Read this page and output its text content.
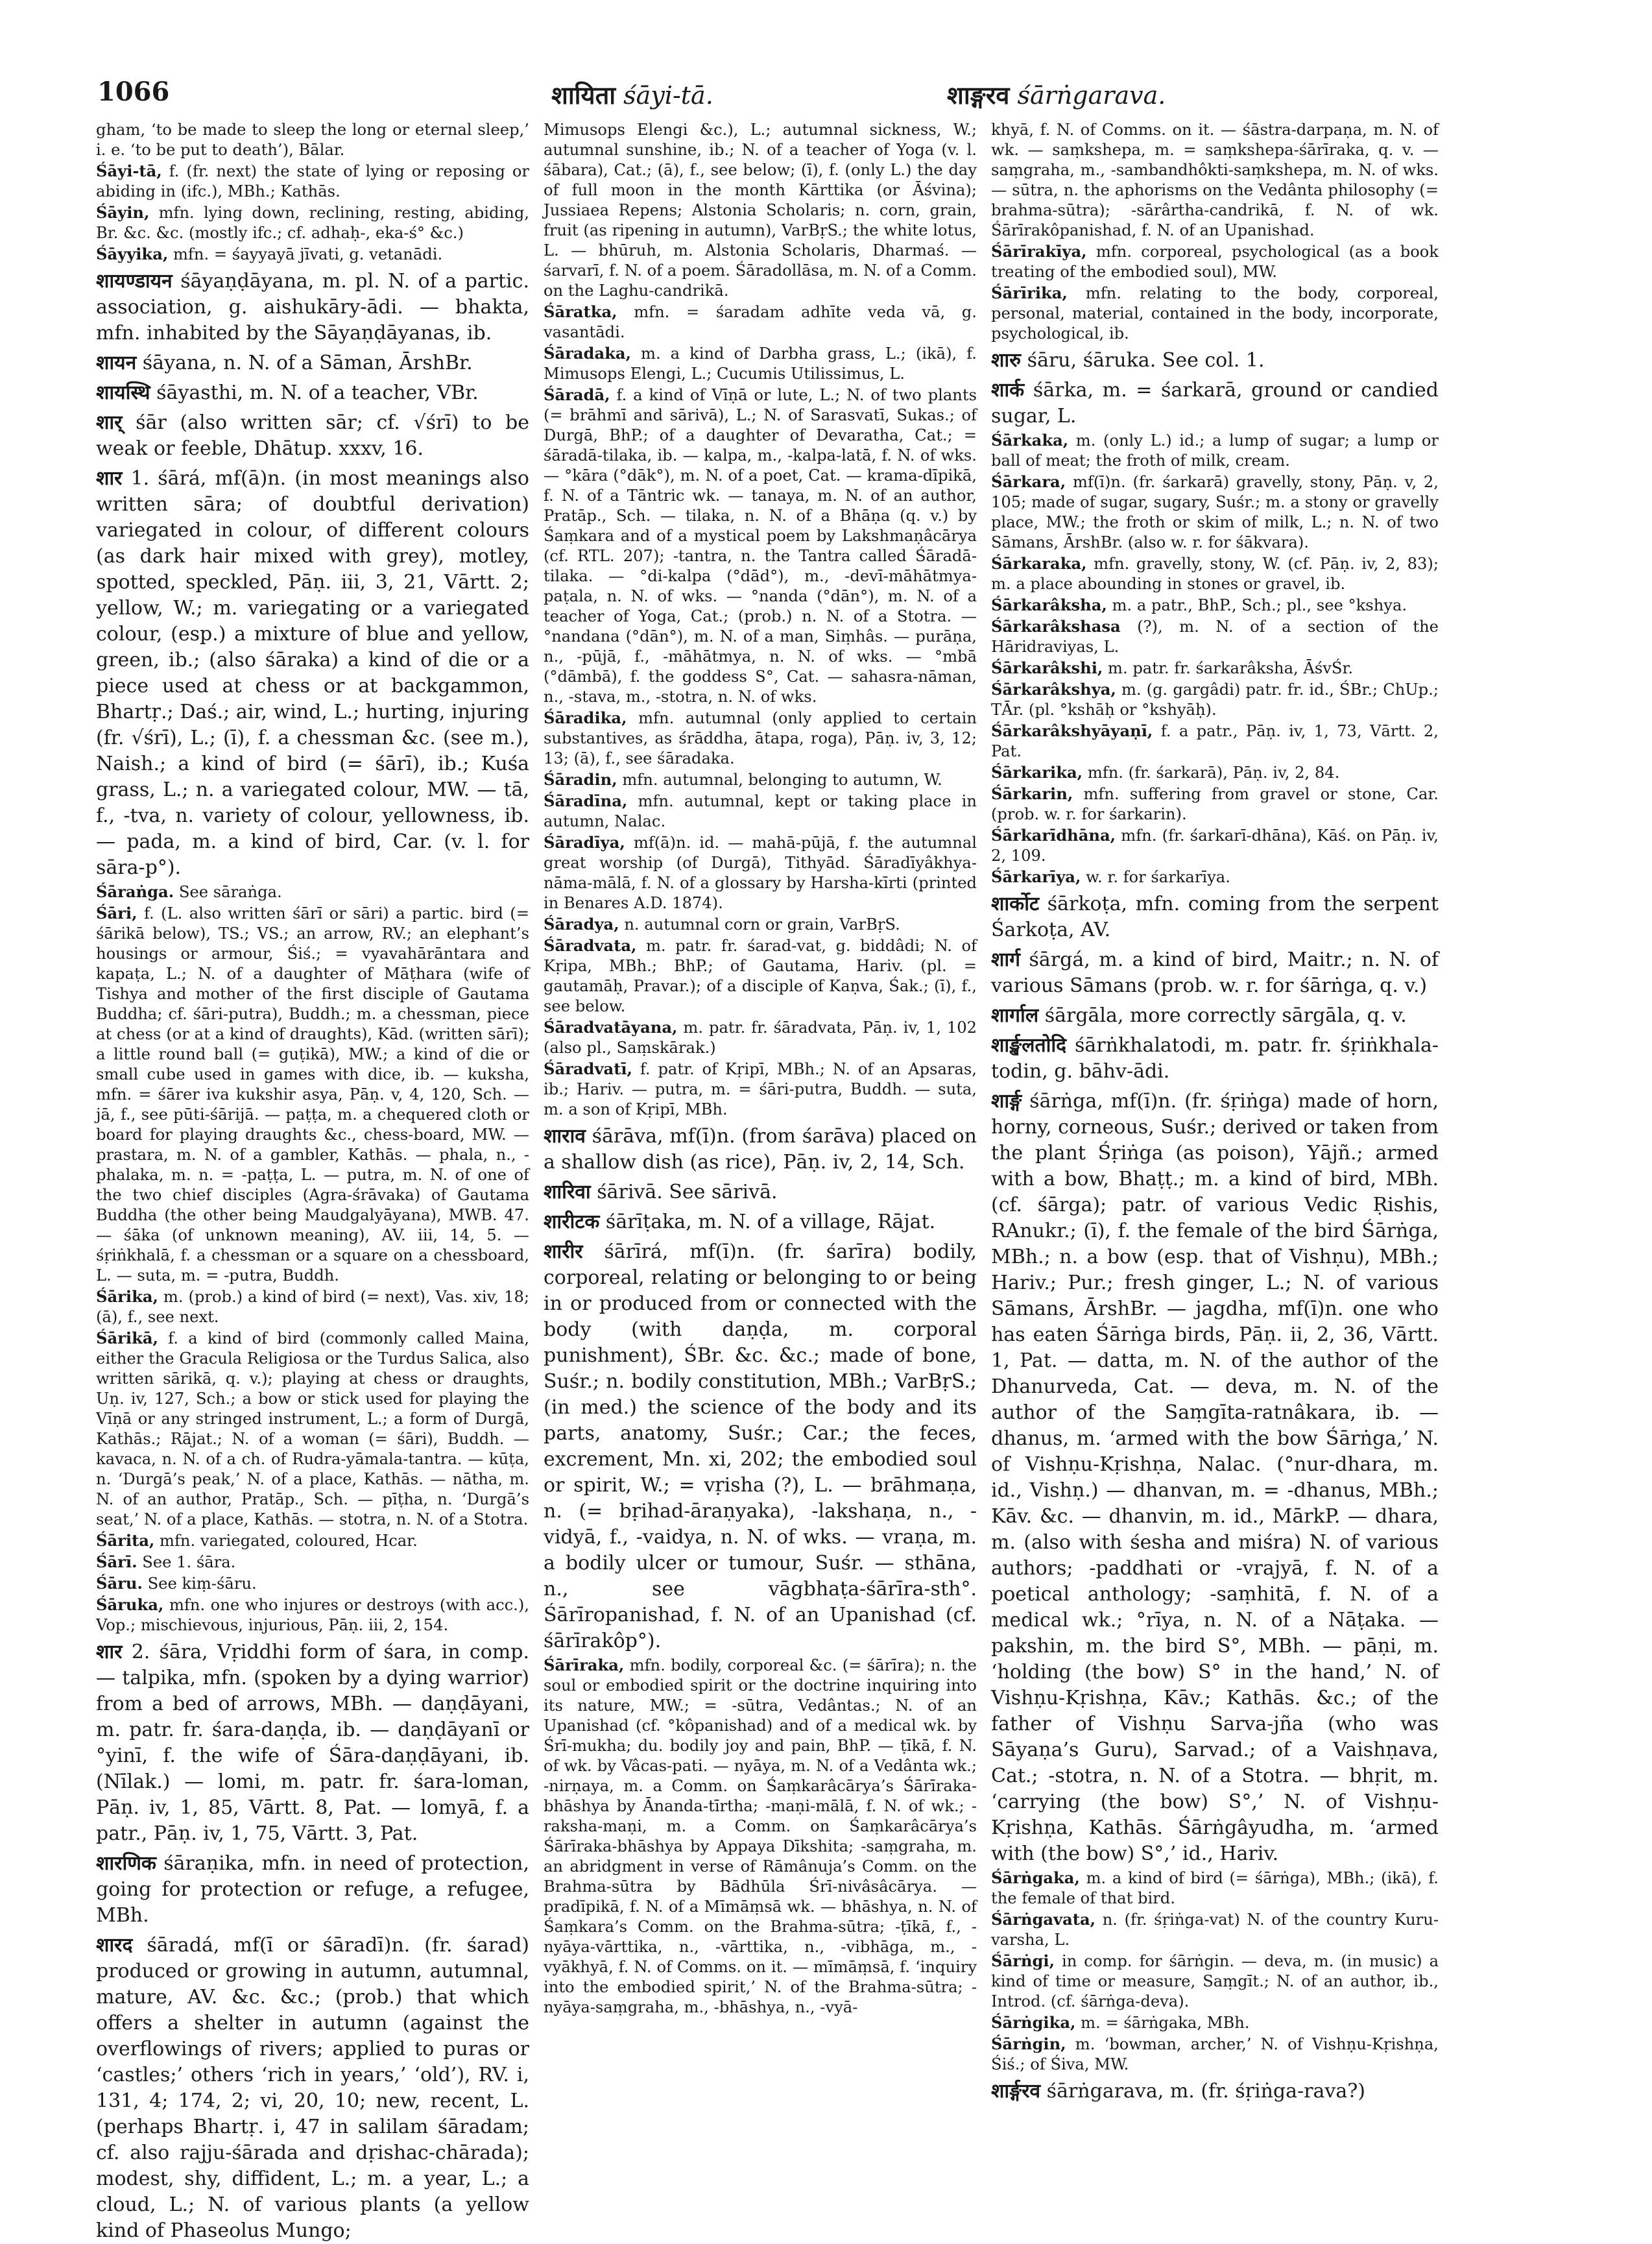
1066	शायिता śāyi-tā.	शाङ्गरव śārṅgarava.

gham, ‘to be made to sleep the long or eternal sleep,’ i. e. ‘to be put to death’), Bālar.

Śāyi-tā, f. (fr. next) the state of lying or reposing or abiding in (ifc.), MBh.; Kathās.

Śāyin, mfn. lying down, reclining, resting, abiding, Br. &c. &c. (mostly ifc.; cf. adhaḥ-, eka-ś° &c.)

Śāyyika, mfn. = śayyayā jīvati, g. vetanādi.

शायण्डायन śāyaṇḍāyana, m. pl. N. of a partic. association, g. aishukāry-ādi. — bhakta, mfn. inhabited by the Sāyaṇḍāyanas, ib.

शायन śāyana, n. N. of a Sāman, ĀrshBr.

शायस्थि śāyasthi, m. N. of a teacher, VBr.

शार् śār (also written sār; cf. √śrī) to be weak or feeble, Dhātup. xxxv, 16.

शार 1. śārá, mf(ā)n. (in most meanings also written sāra; of doubtful derivation) variegated in colour, of different colours (as dark hair mixed with grey), motley, spotted, speckled, Pāṇ. iii, 3, 21, Vārtt. 2; yellow, W.; m. variegating or a variegated colour, (esp.) a mixture of blue and yellow, green, ib.; (also śāraka) a kind of die or a piece used at chess or at backgammon, Bhartṛ.; Daś.; air, wind, L.; hurting, injuring (fr. √śrī), L.; (ī), f. a chessman &c. (see m.), Naish.; a kind of bird (= śārī), ib.; Kuśa grass, L.; n. a variegated colour, MW. — tā, f., -tva, n. variety of colour, yellowness, ib. — pada, m. a kind of bird, Car. (v. l. for sāra-p°).

Śāraṅga. See sāraṅga.

Śāri, f. (L. also written śārī or sāri) a partic. bird (= śārikā below), TS.; VS.; an arrow, RV.; an elephant’s housings or armour, Śiś.; = vyavahārāntara and kapaṭa, L.; N. of a daughter of Māṭhara (wife of Tishya and mother of the first disciple of Gautama Buddha; cf. śāri-putra), Buddh.; m. a chessman, piece at chess (or at a kind of draughts), Kād. (written sārī); a little round ball (= guṭikā), MW.; a kind of die or small cube used in games with dice, ib. — kuksha, mfn. = śārer iva kukshir asya, Pāṇ. v, 4, 120, Sch. — jā, f., see pūti-śārijā. — paṭṭa, m. a chequered cloth or board for playing draughts &c., chess-board, MW. — prastara, m. N. of a gambler, Kathās. — phala, n., -phalaka, m. n. = -paṭṭa, L. — putra, m. N. of one of the two chief disciples (Agra-śrāvaka) of Gautama Buddha (the other being Maudgalyāyana), MWB. 47. — śāka (of unknown meaning), AV. iii, 14, 5. — śṛiṅkhalā, f. a chessman or a square on a chessboard, L. — suta, m. = -putra, Buddh.

Śārika, m. (prob.) a kind of bird (= next), Vas. xiv, 18; (ā), f., see next.

Śārikā, f. a kind of bird (commonly called Maina, either the Gracula Religiosa or the Turdus Salica, also written sārikā, q. v.); playing at chess or draughts, Uṇ. iv, 127, Sch.; a bow or stick used for playing the Vīṇā or any stringed instrument, L.; a form of Durgā, Kathās.; Rājat.; N. of a woman (= śāri), Buddh. — kavaca, n. N. of a ch. of Rudra-yāmala-tantra. — kūṭa, n. ‘Durgā’s peak,’ N. of a place, Kathās. — nātha, m. N. of an author, Pratāp., Sch. — pīṭha, n. ‘Durgā’s seat,’ N. of a place, Kathās. — stotra, n. N. of a Stotra.

Śārita, mfn. variegated, coloured, Hcar.

Śārī. See 1. śāra.

Śāru. See kiṃ-śāru.

Śāruka, mfn. one who injures or destroys (with acc.), Vop.; mischievous, injurious, Pāṇ. iii, 2, 154.

शार 2. śāra, Vṛiddhi form of śara, in comp. — talpika, mfn. (spoken by a dying warrior) from a bed of arrows, MBh. — daṇḍāyani, m. patr. fr. śara-daṇḍa, ib. — daṇḍāyanī or °yinī, f. the wife of Śāra-daṇḍāyani, ib. (Nīlak.) — lomi, m. patr. fr. śara-loman, Pāṇ. iv, 1, 85, Vārtt. 8, Pat. — lomyā, f. a patr., Pāṇ. iv, 1, 75, Vārtt. 3, Pat.

शारणिक śāraṇika, mfn. in need of protection, going for protection or refuge, a refugee, MBh.

शारद śāradá, mf(ī or śāradī)n. (fr. śarad) produced or growing in autumn, autumnal, mature, AV. &c. &c.; (prob.) that which offers a shelter in autumn (against the overflowings of rivers; applied to puras or ‘castles;’ others ‘rich in years,’ ‘old’), RV. i, 131, 4; 174, 2; vi, 20, 10; new, recent, L. (perhaps Bhartṛ. i, 47 in salilam śāradam; cf. also rajju-śārada and dṛishac-chārada); modest, shy, diffident, L.; m. a year, L.; a cloud, L.; N. of various plants (a yellow kind of Phaseolus Mungo;

Mimusops Elengi &c.), L.; autumnal sickness, W.; autumnal sunshine, ib.; N. of a teacher of Yoga (v. l. śābara), Cat.; (ā), f., see below; (ī), f. (only L.) the day of full moon in the month Kārttika (or Āśvina); Jussiaea Repens; Alstonia Scholaris; n. corn, grain, fruit (as ripening in autumn), VarBṛS.; the white lotus, L. — bhūruh, m. Alstonia Scholaris, Dharmaś. — śarvarī, f. N. of a poem. Śāradollāsa, m. N. of a Comm. on the Laghu-candrikā.

Śāratka, mfn. = śaradam adhīte veda vā, g. vasantādi.

Śāradaka, m. a kind of Darbha grass, L.; (ikā), f. Mimusops Elengi, L.; Cucumis Utilissimus, L.

Śāradā, f. a kind of Vīṇā or lute, L.; N. of two plants (= brāhmī and sārivā), L.; N. of Sarasvatī, Sukas.; of Durgā, BhP.; of a daughter of Devaratha, Cat.; = śāradā-tilaka, ib. — kalpa, m., -kalpa-latā, f. N. of wks. — °kāra (°dāk°), m. N. of a poet, Cat. — krama-dīpikā, f. N. of a Tāntric wk. — tanaya, m. N. of an author, Pratāp., Sch. — tilaka, n. N. of a Bhāṇa (q. v.) by Śaṃkara and of a mystical poem by Lakshmaṇâcārya (cf. RTL. 207); -tantra, n. the Tantra called Śāradā-tilaka. — °di-kalpa (°dād°), m., -devī-māhātmya-paṭala, n. N. of wks. — °nanda (°dān°), m. N. of a teacher of Yoga, Cat.; (prob.) n. N. of a Stotra. — °nandana (°dān°), m. N. of a man, Siṃhâs. — purāṇa, n., -pūjā, f., -māhātmya, n. N. of wks. — °mbā (°dāmbā), f. the goddess S°, Cat. — sahasra-nāman, n., -stava, m., -stotra, n. N. of wks.

Śāradika, mfn. autumnal (only applied to certain substantives, as śrāddha, ātapa, roga), Pāṇ. iv, 3, 12; 13; (ā), f., see śāradaka.

Śāradin, mfn. autumnal, belonging to autumn, W.

Śāradīna, mfn. autumnal, kept or taking place in autumn, Nalac.

Śāradīya, mf(ā)n. id. — mahā-pūjā, f. the autumnal great worship (of Durgā), Tithyād. Śāradīyâkhya-nāma-mālā, f. N. of a glossary by Harsha-kīrti (printed in Benares A.D. 1874).

Śāradya, n. autumnal corn or grain, VarBṛS.

Śāradvata, m. patr. fr. śarad-vat, g. biddâdi; N. of Kṛipa, MBh.; BhP.; of Gautama, Hariv. (pl. = gautamāḥ, Pravar.); of a disciple of Kaṇva, Śak.; (ī), f., see below.

Śāradvatāyana, m. patr. fr. śāradvata, Pāṇ. iv, 1, 102 (also pl., Saṃskārak.)

Śāradvatī, f. patr. of Kṛipī, MBh.; N. of an Apsaras, ib.; Hariv. — putra, m. = śāri-putra, Buddh. — suta, m. a son of Kṛipī, MBh.

शाराव śārāva, mf(ī)n. (from śarāva) placed on a shallow dish (as rice), Pāṇ. iv, 2, 14, Sch.

शारिवा śārivā. See sārivā.

शारीटक śārīṭaka, m. N. of a village, Rājat.

शारीर śārīrá, mf(ī)n. (fr. śarīra) bodily, corporeal, relating or belonging to or being in or produced from or connected with the body (with daṇḍa, m. corporal punishment), ŚBr. &c. &c.; made of bone, Suśr.; n. bodily constitution, MBh.; VarBṛS.; (in med.) the science of the body and its parts, anatomy, Suśr.; Car.; the feces, excrement, Mn. xi, 202; the embodied soul or spirit, W.; = vṛisha (?), L. — brāhmaṇa, n. (= bṛihad-āraṇyaka), -lakshaṇa, n., -vidyā, f., -vaidya, n. N. of wks. — vraṇa, m. a bodily ulcer or tumour, Suśr. — sthāna, n., see vāgbhaṭa-śārīra-sth°. Śārīropanishad, f. N. of an Upanishad (cf. śārīrakôp°).

Śārīraka, mfn. bodily, corporeal &c. (= śārīra); n. the soul or embodied spirit or the doctrine inquiring into its nature, MW.; = -sūtra, Vedântas.; N. of an Upanishad (cf. °kôpanishad) and of a medical wk. by Śrī-mukha; du. bodily joy and pain, BhP. — ṭīkā, f. N. of wk. by Vâcas-pati. — nyāya, m. N. of a Vedânta wk.; -nirṇaya, m. a Comm. on Śaṃkarâcārya’s Śārīraka-bhāshya by Ānanda-tīrtha; -maṇi-mālā, f. N. of wk.; -raksha-maṇi, m. a Comm. on Śaṃkarâcārya’s Śārīraka-bhāshya by Appaya Dīkshita; -saṃgraha, m. an abridgment in verse of Rāmânuja’s Comm. on the Brahma-sūtra by Bādhūla Śrī-nivâsâcārya. — pradīpikā, f. N. of a Mīmāṃsā wk. — bhāshya, n. N. of Śaṃkara’s Comm. on the Brahma-sūtra; -ṭīkā, f., -nyāya-vārttika, n., -vārttika, n., -vibhāga, m., -vyākhyā, f. N. of Comms. on it. — mīmāṃsā, f. ‘inquiry into the embodied spirit,’ N. of the Brahma-sūtra; -nyāya-saṃgraha, m., -bhāshya, n., -vyā-

khyā, f. N. of Comms. on it. — śāstra-darpaṇa, m. N. of wk. — saṃkshepa, m. = saṃkshepa-śārīraka, q. v. — saṃgraha, m., -sambandhôkti-saṃkshepa, m. N. of wks. — sūtra, n. the aphorisms on the Vedânta philosophy (= brahma-sūtra); -sārârtha-candrikā, f. N. of wk. Śārīrakôpanishad, f. N. of an Upanishad.

Śārīrakīya, mfn. corporeal, psychological (as a book treating of the embodied soul), MW.

Śārīrika, mfn. relating to the body, corporeal, personal, material, contained in the body, incorporate, psychological, ib.

शारु śāru, śāruka. See col. 1.

शार्क śārka, m. = śarkarā, ground or candied sugar, L.

Śārkaka, m. (only L.) id.; a lump of sugar; a lump or ball of meat; the froth of milk, cream.

Śārkara, mf(ī)n. (fr. śarkarā) gravelly, stony, Pāṇ. v, 2, 105; made of sugar, sugary, Suśr.; m. a stony or gravelly place, MW.; the froth or skim of milk, L.; n. N. of two Sāmans, ĀrshBr. (also w. r. for śākvara).

Śārkaraka, mfn. gravelly, stony, W. (cf. Pāṇ. iv, 2, 83); m. a place abounding in stones or gravel, ib.

Śārkarâksha, m. a patr., BhP., Sch.; pl., see °kshya.

Śārkarâkshasa (?), m. N. of a section of the Hāridraviyas, L.

Śārkarâkshi, m. patr. fr. śarkarâksha, ĀśvŚr.

Śārkarâkshya, m. (g. gargâdi) patr. fr. id., ŚBr.; ChUp.; TĀr. (pl. °kshāḥ or °kshyāḥ).

Śārkarâkshyāyaṇī, f. a patr., Pāṇ. iv, 1, 73, Vārtt. 2, Pat.

Śārkarika, mfn. (fr. śarkarā), Pāṇ. iv, 2, 84.

Śārkarin, mfn. suffering from gravel or stone, Car. (prob. w. r. for śarkarin).

Śārkarīdhāna, mfn. (fr. śarkarī-dhāna), Kāś. on Pāṇ. iv, 2, 109.

Śārkarīya, w. r. for śarkarīya.

शार्कोट śārkoṭa, mfn. coming from the serpent Śarkoṭa, AV.

शार्ग śārgá, m. a kind of bird, Maitr.; n. N. of various Sāmans (prob. w. r. for śārṅga, q. v.)

शार्गाल śārgāla, more correctly sārgāla, q. v.

शार्ङ्खलतोदि śārṅkhalatodi, m. patr. fr. śṛiṅkhala-todin, g. bāhv-ādi.

शार्ङ्ग śārṅga, mf(ī)n. (fr. śṛiṅga) made of horn, horny, corneous, Suśr.; derived or taken from the plant Śṛiṅga (as poison), Yājñ.; armed with a bow, Bhaṭṭ.; m. a kind of bird, MBh. (cf. śārga); patr. of various Vedic Ṛishis, RAnukr.; (ī), f. the female of the bird Śārṅga, MBh.; n. a bow (esp. that of Vishṇu), MBh.; Hariv.; Pur.; fresh ginger, L.; N. of various Sāmans, ĀrshBr. — jagdha, mf(ī)n. one who has eaten Śārṅga birds, Pāṇ. ii, 2, 36, Vārtt. 1, Pat. — datta, m. N. of the author of the Dhanurveda, Cat. — deva, m. N. of the author of the Saṃgīta-ratnâkara, ib. — dhanus, m. ‘armed with the bow Śārṅga,’ N. of Vishṇu-Kṛishṇa, Nalac. (°nur-dhara, m. id., Vishṇ.) — dhanvan, m. = -dhanus, MBh.; Kāv. &c. — dhanvin, m. id., MārkP. — dhara, m. (also with śesha and miśra) N. of various authors; -paddhati or -vrajyā, f. N. of a poetical anthology; -saṃhitā, f. N. of a medical wk.; °rīya, n. N. of a Nāṭaka. — pakshin, m. the bird S°, MBh. — pāṇi, m. ‘holding (the bow) S° in the hand,’ N. of Vishṇu-Kṛishṇa, Kāv.; Kathās. &c.; of the father of Vishṇu Sarva-jña (who was Sāyaṇa’s Guru), Sarvad.; of a Vaishṇava, Cat.; -stotra, n. N. of a Stotra. — bhṛit, m. ‘carrying (the bow) S°,’ N. of Vishṇu-Kṛishṇa, Kathās. Śārṅgâyudha, m. ‘armed with (the bow) S°,’ id., Hariv.

Śārṅgaka, m. a kind of bird (= śārṅga), MBh.; (ikā), f. the female of that bird.

Śārṅgavata, n. (fr. śṛiṅga-vat) N. of the country Kuru-varsha, L.

Śārṅgi, in comp. for śārṅgin. — deva, m. (in music) a kind of time or measure, Saṃgīt.; N. of an author, ib., Introd. (cf. śārṅga-deva).

Śārṅgika, m. = śārṅgaka, MBh.

Śārṅgin, m. ‘bowman, archer,’ N. of Vishṇu-Kṛishṇa, Śiś.; of Śiva, MW.

शार्ङ्गरव śārṅgarava, m. (fr. śṛiṅga-rava?)
